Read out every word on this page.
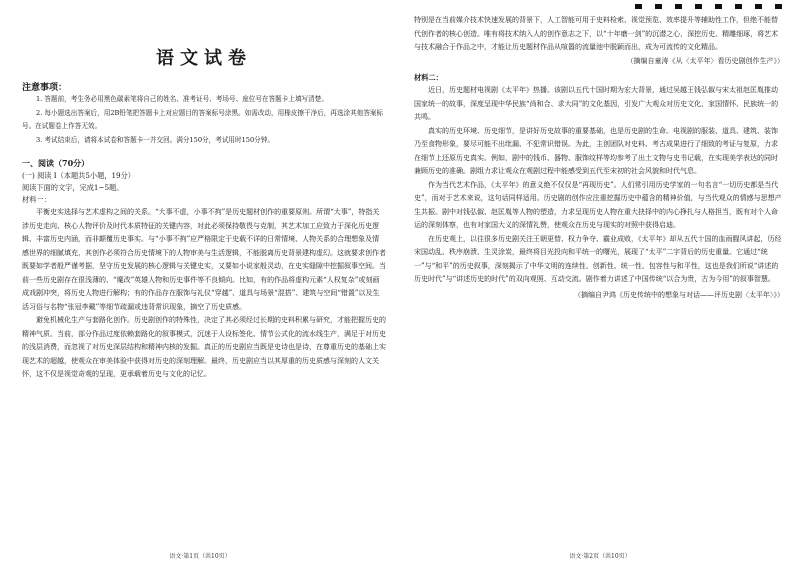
语文试卷
注意事项：

1. 答题前，考生务必用黑色碳素笔将自己的姓名、准考证号、考场号、座位号在答题卡上填写清楚。

2. 每小题选出答案后，用2B铅笔把答题卡上对应题目的答案标号涂黑。如需改动，用橡皮擦干净后，再选涂其他答案标号。在试题卷上作答无效。

3. 考试结束后，请将本试卷和答题卡一并交回。满分150分，考试用时150分钟。

一、阅读（70分）
(一) 阅读 I（本题共5小题，19分）
阅读下面的文字，完成1~5题。
材料一：

平衡史实选择与艺术虚构之间的关系。“大事不虚，小事不拘”是历史题材创作的重要原则。所谓“大事”，特指关涉历史走向、核心人物评价及时代本质特征的关键内容，对此必须保持敬畏与克制，其艺术加工应致力于深化历史逻辑、丰富历史内涵，而非颠覆历史事实。与“小事不拘”应严格限定于史载不详的日常情境、人物关系的合理想象及情感世界的细腻填充，其创作必须符合历史情境下的人物审美与生活逻辑，不能脱离历史背景建构虚幻。这就要求创作者既要如学者般严谨考据，坚守历史发展的核心逻辑与关键史实，又要如小说家般灵动，在史实缝隙中挖掘叙事空间。当前一些历史剧存在很浅薄的、“魔改”英雄人物和历史事件等不良倾向。比如，有的作品将虚构元素“人权复杂”或刻画成戏剧冲突，将历史人物进行解构；有的作品存在服饰与礼仪“穿越”、道具与场景“混搭”、建筑与空间“错置”以及生活习俗与名物“张冠李戴”等细节疏漏或违背常识现象，摘空了历史质感。

避免机械化生产与套路化创作。历史剧创作的特殊性，决定了其必须经过长期的史料积累与研究，才能把握历史的精神气质。当前，部分作品过度依赖套路化的叙事模式，沉迷于人设标签化、情节公式化的流水线生产，满足于对历史的浅层消费，而忽视了对历史深层结构和精神内核的发掘。真正的历史剧应当既是史诗也是诗，在尊重历史的基础上实现艺术的超越，使观众在审美体验中获得对历史的深刻理解。最终，历史剧应当以其厚重的历史质感与深刻的人文关怀，这不仅是视觉奇观的呈现，更承载着历史与文化的记忆。

语文·第1页（共10页）

特别是在当前媒介技术快速发展的背景下，人工智能可用于史料检索、视觉预览、效率提升等辅助性工作，但绝不能替代创作者的核心创造。唯有将技术纳入人的创作意志之下，以“十年磨一剑”的沉潜之心，深挖历史、精雕细琢，将艺术与技术融合于作品之中，才能让历史题材作品从喧嚣的流量池中脱颖而出，成为可流传的文化精品。

（摘编自童涛《从〈太平年〉看历史剧创作生产》）
材料二：

近日，历史题材电视剧《太平年》热播。该剧以五代十国时期为宏大背景，通过吴越王钱弘俶与宋太祖赵匡胤推动国家统一的故事，深度呈现中华民族“尚和合、求大同”的文化基因，引发广大观众对历史文化、家国情怀、民族统一的共鸣。

真实的历史环境、历史细节，是讲好历史故事的重要基础，也是历史剧的生命。电视剧的服装、道具、建筑、装饰乃至食物形象，要尽可能不出纰漏、不犯常识错误。为此，主创团队对史料、考古成果进行了细致的考证与复原，力求在细节上还原历史真实。例如，剧中的钱币、器物、服饰纹样等均参考了出土文物与史书记载，在实现美学表达的同时兼顾历史的准确。剧组力求让观众在观剧过程中能感受到五代至宋初的社会风貌和时代气息。

作为当代艺术作品，《太平年》的意义绝不仅仅是“再现历史”。人们常引用历史学家的一句名言“一切历史都是当代史”，而对于艺术来说，这句话同样适用。历史剧的创作应注重挖掘历史中蕴含的精神价值，与当代观众的情感与思想产生共振。剧中对钱弘俶、赵匡胤等人物的塑造，力求呈现历史人物在重大抉择中的内心挣扎与人格担当，既有对个人命运的深刻体察，也有对家国大义的深情礼赞，使观众在历史与现实的对照中获得启迪。

在历史观上，以往很多历史剧关注王朝更替、权力争夺、霸业成败，《太平年》却从五代十国的血雨腥风讲起，历经宋国动乱、秩序崩溃、生灵涂炭，最终将目光投向和平统一的曙光，展现了“太平”二字背后的历史重量。它通过“统一”与“和平”的历史叙事，深刻揭示了中华文明的连续性、创新性、统一性、包容性与和平性，这也是我们所说“讲述的历史时代”与“讲述历史的时代”的双向观照、互动交流。剧作着力讲述了中国传统“以合为贵，古为今用”的叙事智慧。

（摘编自尹鸿《历史传统中的想象与对话——评历史剧〈太平年〉》）
语文·第2页（共10页）
